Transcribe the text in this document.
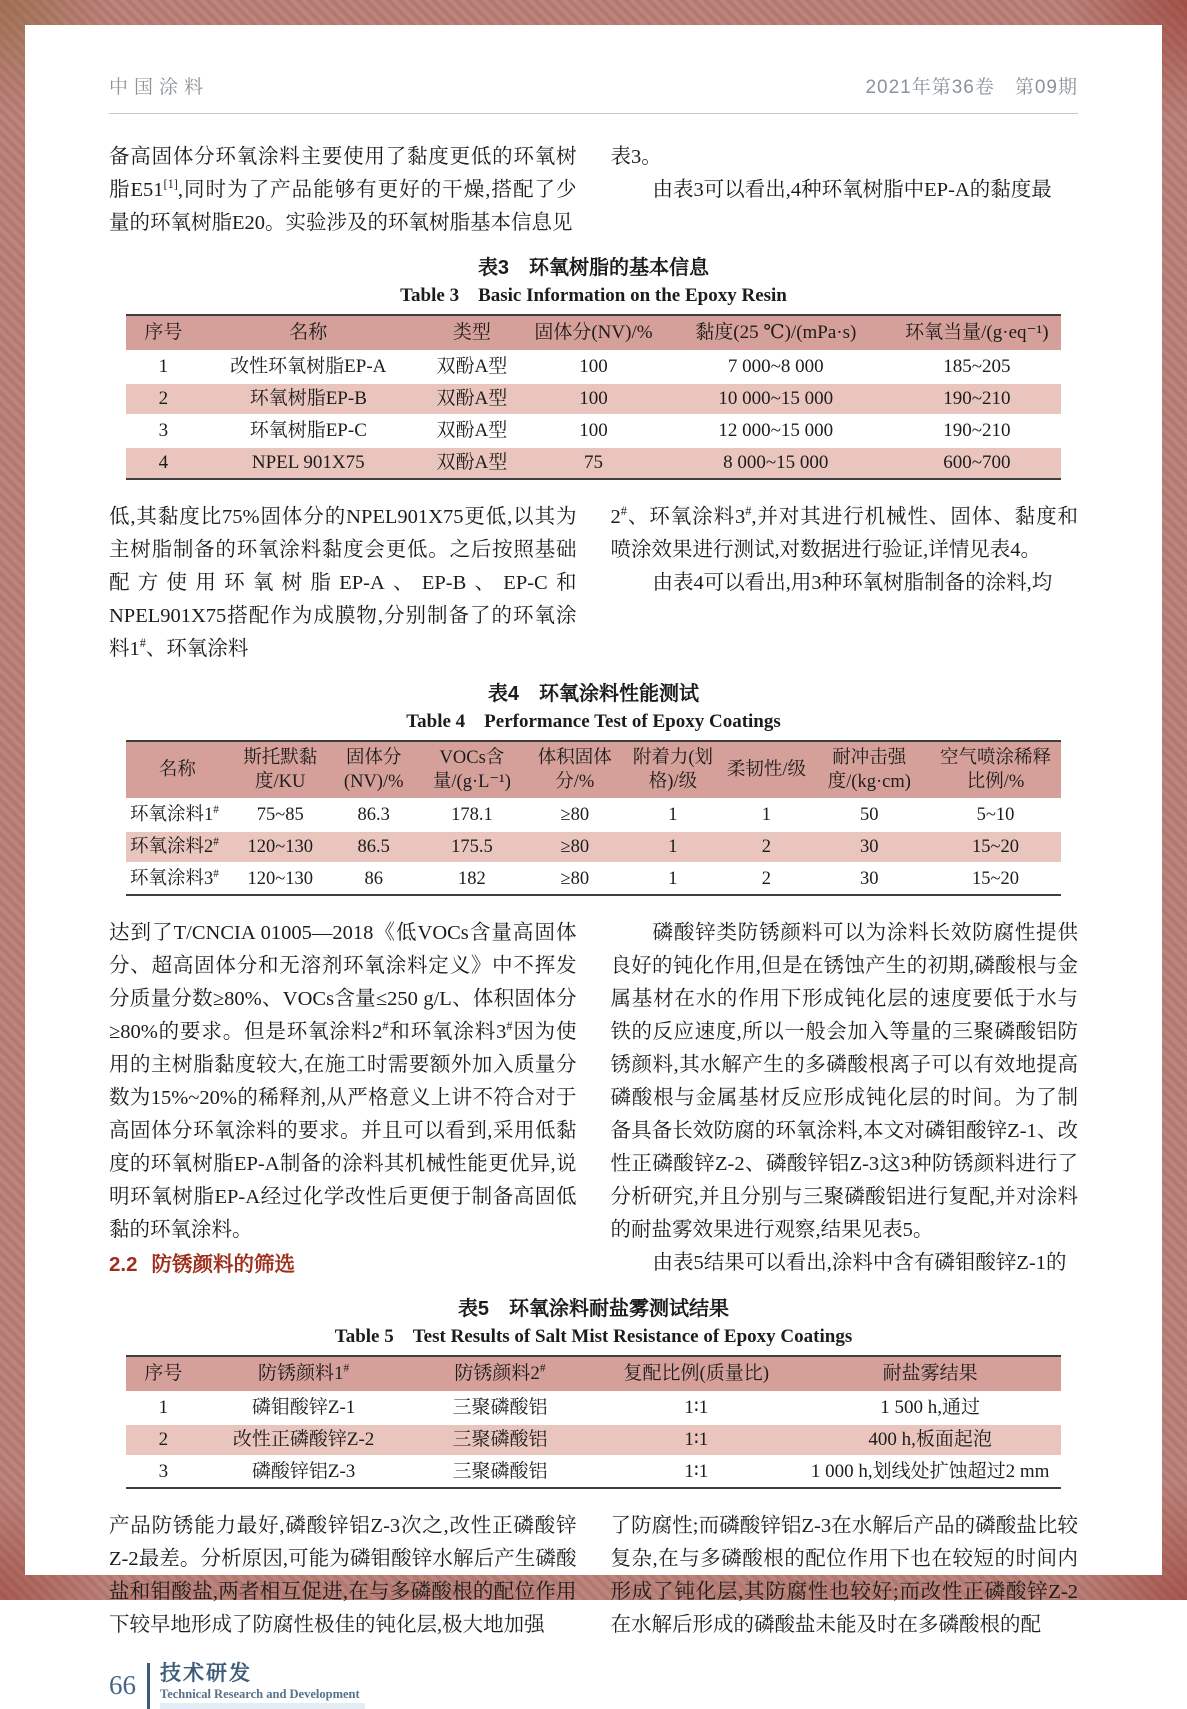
中国涂料	2021年第36卷　第09期

备高固体分环氧涂料主要使用了黏度更低的环氧树脂E51[1],同时为了产品能够有更好的干燥,搭配了少量的环氧树脂E20。实验涉及的环氧树脂基本信息见

表3。

由表3可以看出,4种环氧树脂中EP-A的黏度最

表3　环氧树脂的基本信息
Table 3　Basic Information on the Epoxy Resin
序号	名称	类型	固体分(NV)/%	黏度(25 ℃)/(mPa·s)	环氧当量/(g·eq⁻¹)
1	改性环氧树脂EP-A	双酚A型	100	7 000~8 000	185~205
2	环氧树脂EP-B	双酚A型	100	10 000~15 000	190~210
3	环氧树脂EP-C	双酚A型	100	12 000~15 000	190~210
4	NPEL 901X75	双酚A型	75	8 000~15 000	600~700

低,其黏度比75%固体分的NPEL901X75更低,以其为主树脂制备的环氧涂料黏度会更低。之后按照基础配方使用环氧树脂EP-A、EP-B、EP-C和NPEL901X75搭配作为成膜物,分别制备了的环氧涂料1#、环氧涂料

2#、环氧涂料3#,并对其进行机械性、固体、黏度和喷涂效果进行测试,对数据进行验证,详情见表4。

由表4可以看出,用3种环氧树脂制备的涂料,均

表4　环氧涂料性能测试
Table 4　Performance Test of Epoxy Coatings
名称	斯托默黏度/KU	固体分(NV)/%	VOCs含量/(g·L⁻¹)	体积固体分/%	附着力(划格)/级	柔韧性/级	耐冲击强度/(kg·cm)	空气喷涂稀释比例/%
环氧涂料1#	75~85	86.3	178.1	≥80	1	1	50	5~10
环氧涂料2#	120~130	86.5	175.5	≥80	1	2	30	15~20
环氧涂料3#	120~130	86	182	≥80	1	2	30	15~20

达到了T/CNCIA 01005—2018《低VOCs含量高固体分、超高固体分和无溶剂环氧涂料定义》中不挥发分质量分数≥80%、VOCs含量≤250 g/L、体积固体分≥80%的要求。但是环氧涂料2#和环氧涂料3#因为使用的主树脂黏度较大,在施工时需要额外加入质量分数为15%~20%的稀释剂,从严格意义上讲不符合对于高固体分环氧涂料的要求。并且可以看到,采用低黏度的环氧树脂EP-A制备的涂料其机械性能更优异,说明环氧树脂EP-A经过化学改性后更便于制备高固低黏的环氧涂料。

2.2 防锈颜料的筛选

磷酸锌类防锈颜料可以为涂料长效防腐性提供良好的钝化作用,但是在锈蚀产生的初期,磷酸根与金属基材在水的作用下形成钝化层的速度要低于水与铁的反应速度,所以一般会加入等量的三聚磷酸铝防锈颜料,其水解产生的多磷酸根离子可以有效地提高磷酸根与金属基材反应形成钝化层的时间。为了制备具备长效防腐的环氧涂料,本文对磷钼酸锌Z-1、改性正磷酸锌Z-2、磷酸锌铝Z-3这3种防锈颜料进行了分析研究,并且分别与三聚磷酸铝进行复配,并对涂料的耐盐雾效果进行观察,结果见表5。

由表5结果可以看出,涂料中含有磷钼酸锌Z-1的

表5　环氧涂料耐盐雾测试结果
Table 5　Test Results of Salt Mist Resistance of Epoxy Coatings
序号	防锈颜料1#	防锈颜料2#	复配比例(质量比)	耐盐雾结果
1	磷钼酸锌Z-1	三聚磷酸铝	1∶1	1 500 h,通过
2	改性正磷酸锌Z-2	三聚磷酸铝	1∶1	400 h,板面起泡
3	磷酸锌铝Z-3	三聚磷酸铝	1∶1	1 000 h,划线处扩蚀超过2 mm

产品防锈能力最好,磷酸锌铝Z-3次之,改性正磷酸锌Z-2最差。分析原因,可能为磷钼酸锌水解后产生磷酸盐和钼酸盐,两者相互促进,在与多磷酸根的配位作用下较早地形成了防腐性极佳的钝化层,极大地加强

了防腐性;而磷酸锌铝Z-3在水解后产品的磷酸盐比较复杂,在与多磷酸根的配位作用下也在较短的时间内形成了钝化层,其防腐性也较好;而改性正磷酸锌Z-2在水解后形成的磷酸盐未能及时在多磷酸根的配

66 技术研发
Technical Research and Development
